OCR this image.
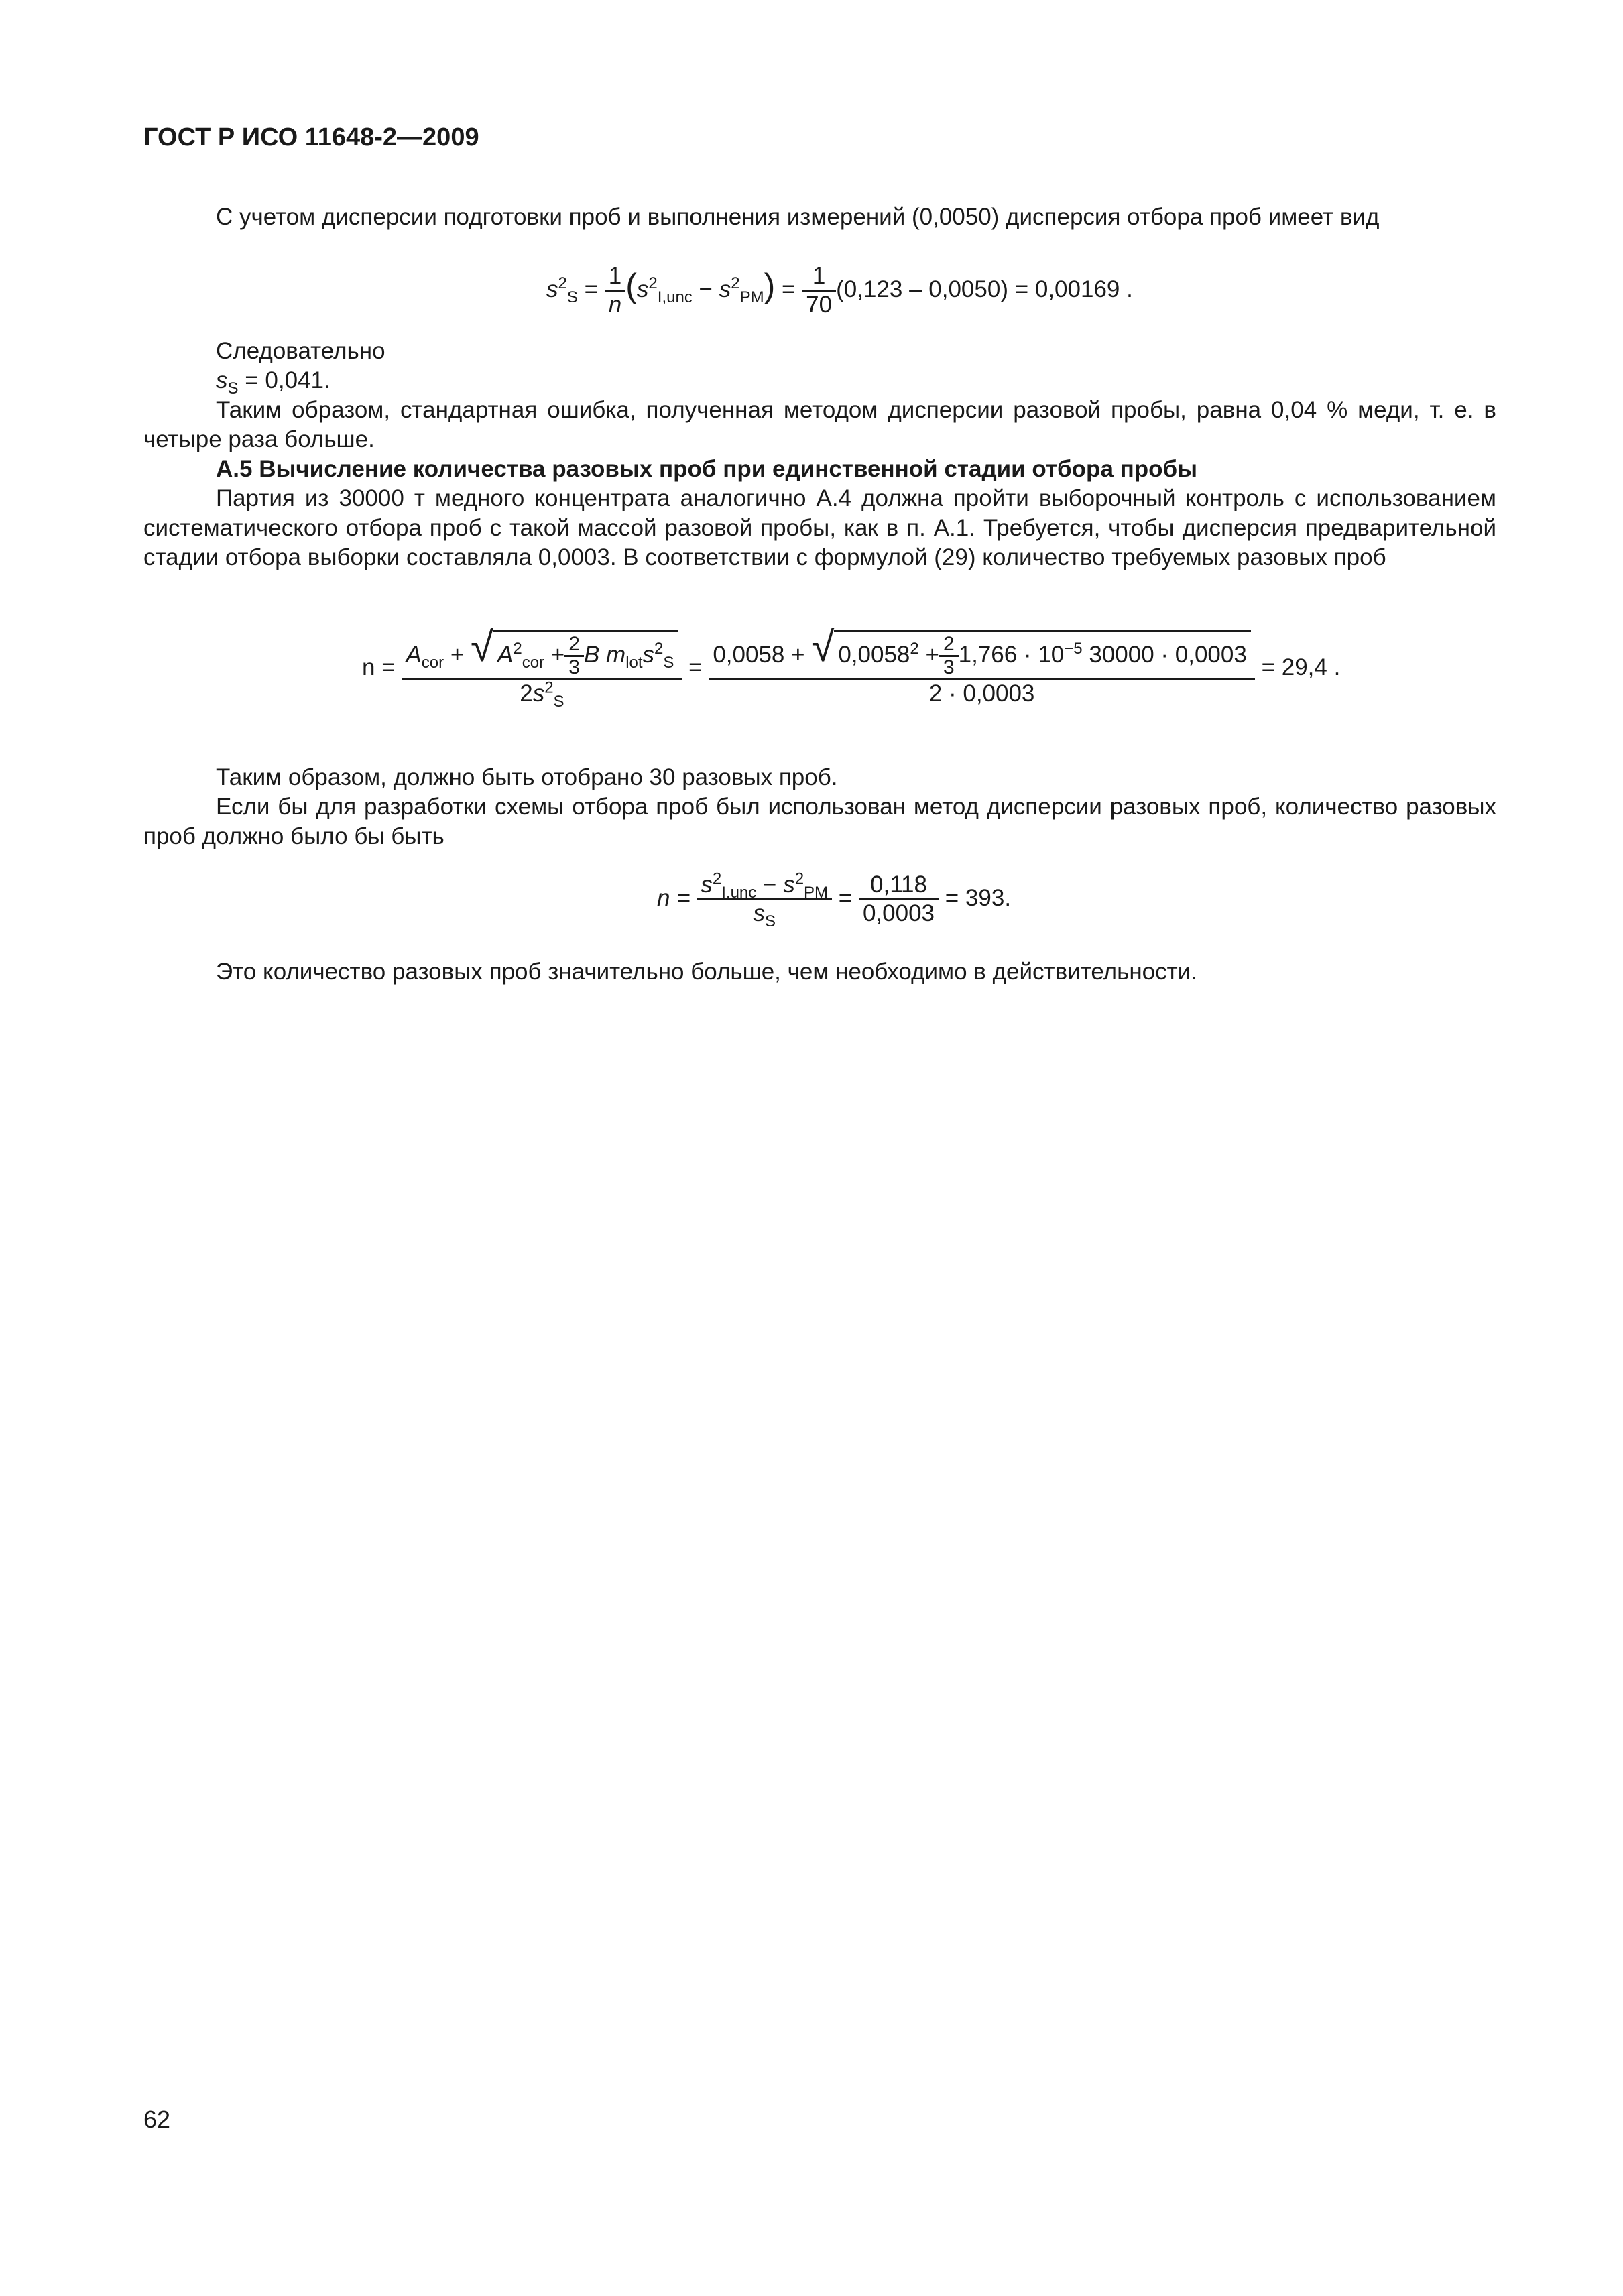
ГОСТ Р ИСО 11648-2—2009
С учетом дисперсии подготовки проб и выполнения измерений (0,0050) дисперсия отбора проб имеет вид
$s^2_S = \frac{1}{n} (s^2_{I,unc} - s^2_{PM}) = \frac{1}{70} (0,123 - 0,0050) = 0,00169$ .
Следовательно
$s_S = 0,041$.
Таким образом, стандартная ошибка, полученная методом дисперсии разовой пробы, равна 0,04 % меди, т. е. в четыре раза больше.
А.5 Вычисление количества разовых проб при единственной стадии отбора пробы
Партия из 30000 т медного концентрата аналогично А.4 должна пройти выборочный контроль с использованием систематического отбора проб с такой массой разовой пробы, как в п. А.1. Требуется, чтобы дисперсия предварительной стадии отбора выборки составляла 0,0003. В соответствии с формулой (29) количество требуемых разовых проб
$n = \frac{A_{cor} + √ A^2_{cor} + \frac{2}{3} B m_{lot}s^2_S}{2s^2_S} = \frac{0,0058 + √ 0,0058^2 + \frac{2}{3} 1,766 \cdot 10^{-5} 30000 \cdot 0,0003}{2 \cdot 0,0003} = 29,4$ .
Таким образом, должно быть отобрано 30 разовых проб.
Если бы для разработки схемы отбора проб был использован метод дисперсии разовых проб, количество разовых проб должно было бы быть
$n = \frac{s^2_{I,unc} - s^2_{PM}}{s_S} = \frac{0,118}{0,0003} = 393$.
Это количество разовых проб значительно больше, чем необходимо в действительности.
62
